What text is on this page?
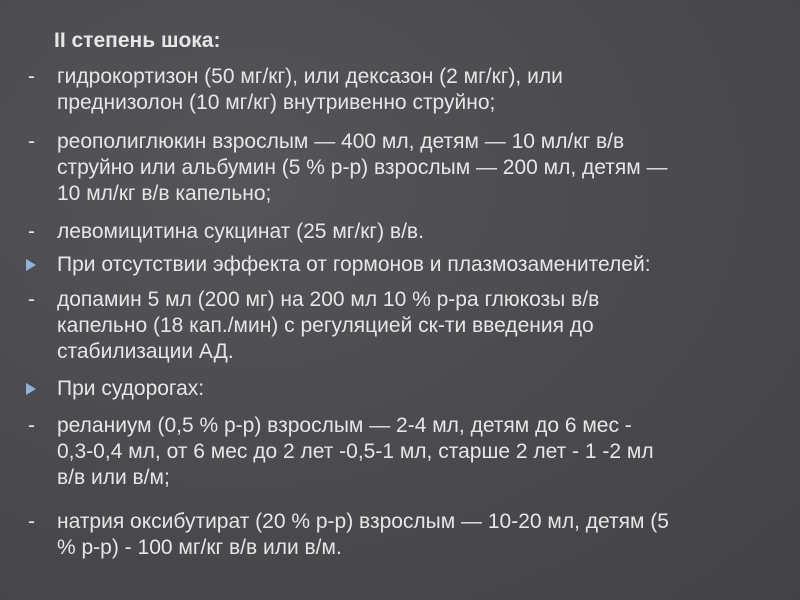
II степень шока:
-	гидрокортизон (50 мг/кг), или дексазон (2 мг/кг), или
преднизолон (10 мг/кг) внутривенно струйно;
-	реополиглюкин взрослым — 400 мл, детям — 10 мл/кг в/в
струйно или альбумин (5 % р-р) взрослым — 200 мл, детям —
10 мл/кг в/в капельно;
-	левомицитина сукцинат (25 мг/кг) в/в.
При отсутствии эффекта от гормонов и плазмозаменителей:
-	допамин 5 мл (200 мг) на 200 мл 10 % р-ра глюкозы в/в
капельно (18 кап./мин) с регуляцией ск-ти введения до
стабилизации АД.
При судорогах:
-	реланиум (0,5 % р-р) взрослым — 2-4 мл, детям до 6 мес -
0,3-0,4 мл, от 6 мес до 2 лет -0,5-1 мл, старше 2 лет - 1 -2 мл
в/в или в/м;
-	натрия оксибутират (20 % р-р) взрослым — 10-20 мл, детям (5
% р-р) - 100 мг/кг в/в или в/м.
